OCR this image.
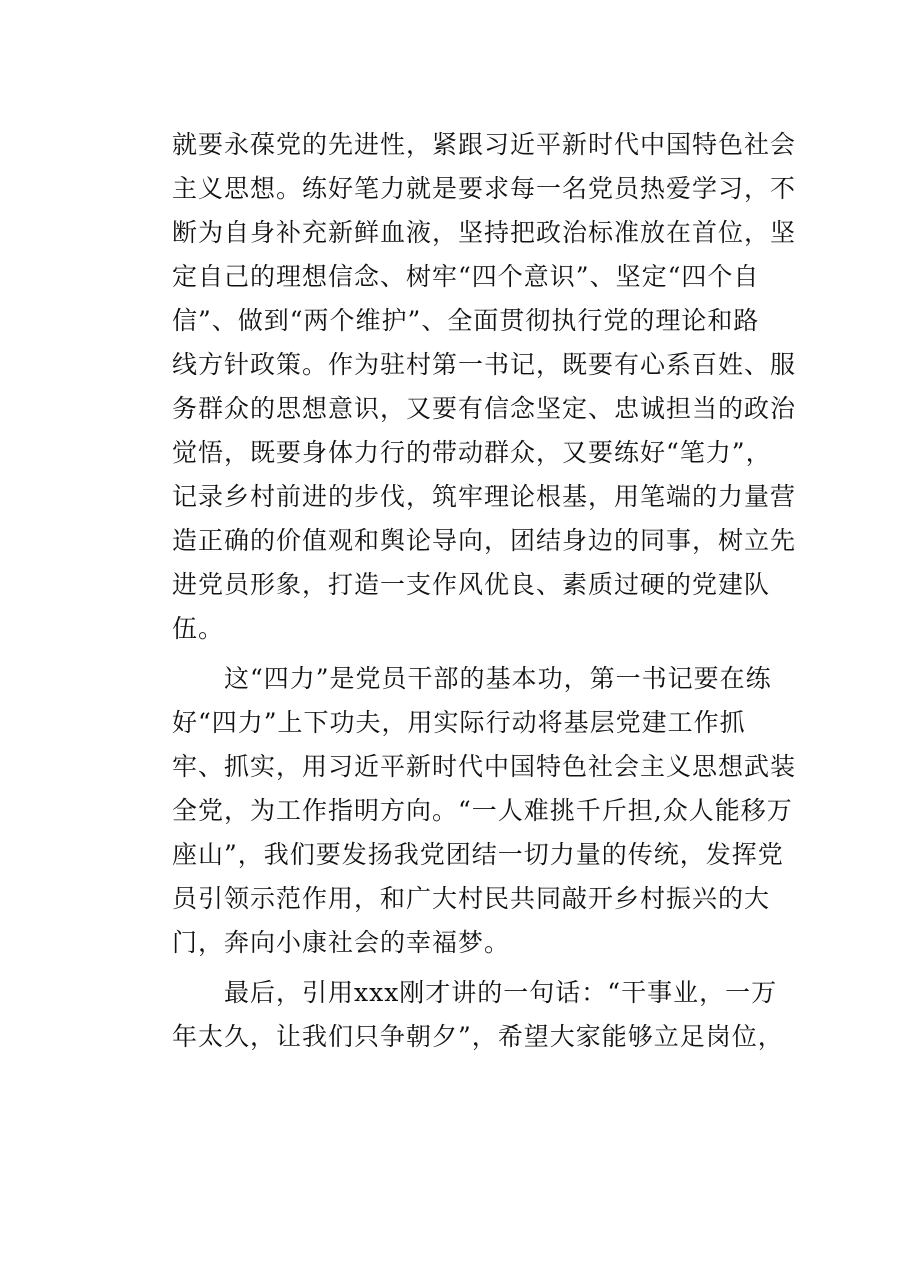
就要永葆党的先进性，紧跟习近平新时代中国特色社会
主义思想。练好笔力就是要求每一名党员热爱学习，不
断为自身补充新鲜血液，坚持把政治标准放在首位，坚
定自己的理想信念、树牢“四个意识”、坚定“四个自
信”、做到“两个维护”、全面贯彻执行党的理论和路
线方针政策。作为驻村第一书记，既要有心系百姓、服
务群众的思想意识，又要有信念坚定、忠诚担当的政治
觉悟，既要身体力行的带动群众，又要练好“笔力”，
记录乡村前进的步伐，筑牢理论根基，用笔端的力量营
造正确的价值观和舆论导向，团结身边的同事，树立先
进党员形象，打造一支作风优良、素质过硬的党建队
伍。
　　这“四力”是党员干部的基本功，第一书记要在练
好“四力”上下功夫，用实际行动将基层党建工作抓
牢、抓实，用习近平新时代中国特色社会主义思想武装
全党，为工作指明方向。“一人难挑千斤担,众人能移万
座山”，我们要发扬我党团结一切力量的传统，发挥党
员引领示范作用，和广大村民共同敲开乡村振兴的大
门，奔向小康社会的幸福梦。
　　最后，引用xxx刚才讲的一句话：“干事业，一万
年太久，让我们只争朝夕”，希望大家能够立足岗位，
